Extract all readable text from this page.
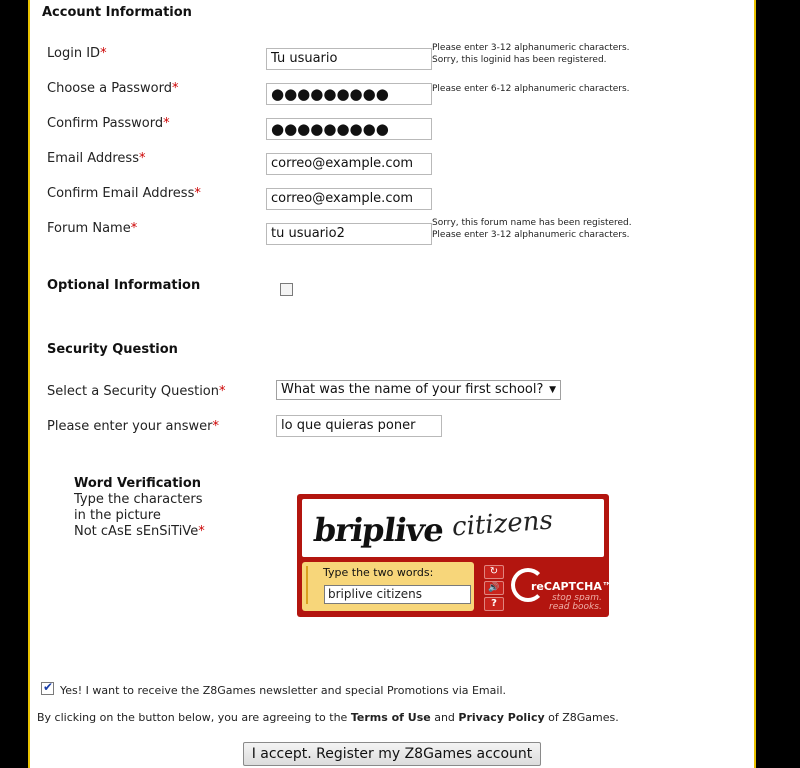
Account Information
Login ID*	Tu usuario
Please enter 3-12 alphanumeric characters.
Sorry, this loginid has been registered.
Choose a Password*	●●●●●●●●●	Please enter 6-12 alphanumeric characters.
Confirm Password*	●●●●●●●●●
Email Address*	correo@example.com
Confirm Email Address*	correo@example.com
Forum Name*	tu usuario2
Sorry, this forum name has been registered.
Please enter 3-12 alphanumeric characters.
Optional Information
Security Question
Select a Security Question*	What was the name of your first school? ▼
Please enter your answer*	lo que quieras poner
Word Verification
Type the characters
in the picture
Not cAsE sEnSiTiVe*	briplive citizens
Type the two words:
briplive citizens
↻
🔊
?
reCAPTCHA™
stop spam.
read books.
✔ Yes! I want to receive the Z8Games newsletter and special Promotions via Email.
By clicking on the button below, you are agreeing to the Terms of Use and Privacy Policy of Z8Games.
I accept. Register my Z8Games account
